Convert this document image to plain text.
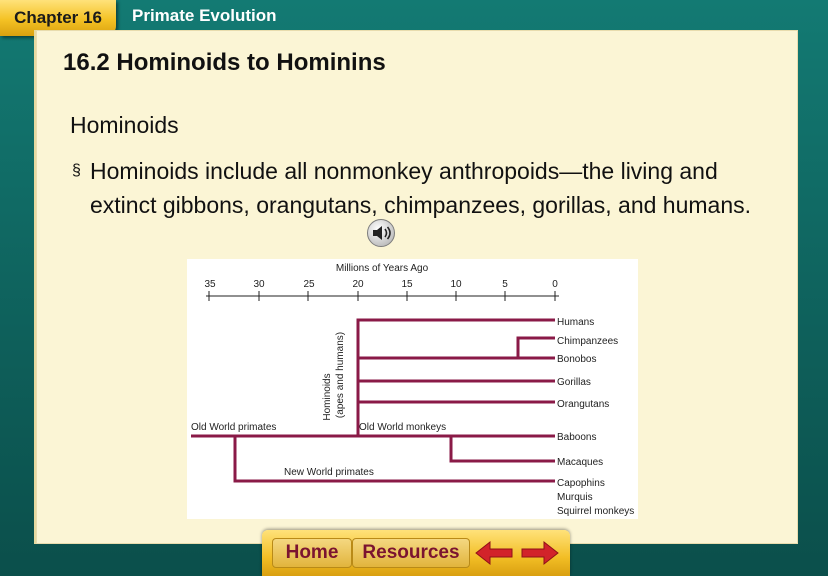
Chapter 16 Primate Evolution
16.2 Hominoids to Hominins
Hominoids
§ Hominoids include all nonmonkey anthropoids—the living and extinct gibbons, orangutans, chimpanzees, gorillas, and humans.
Millions of Years Ago
35	30	25	20	15	10	5	0
Humans
Chimpanzees
Bonobos
Gorillas
Orangutans
Baboons
Macaques
Capophins
Murquis
Squirrel monkeys
Old World primates	Old World monkeys
New World primates
Hominoids (apes and humans)
Home	Resources
